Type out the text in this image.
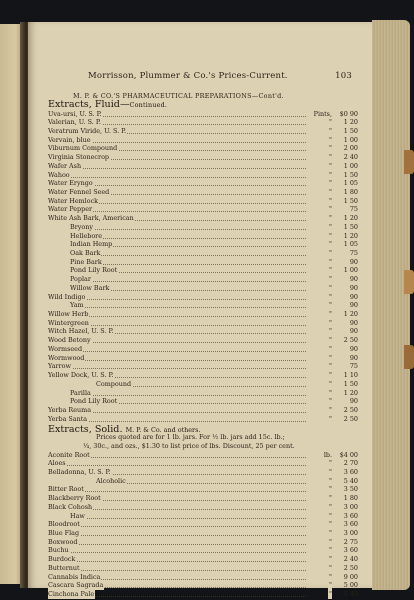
Morrisson, Plummer & Co.'s Prices-Current.	103
M. P. & CO.'S PHARMACEUTICAL PREPARATIONS—Cont'd.
Extracts, Fluid—Continued.
Uva-ursi, U. S. P.	Pints,	$0 90
Valerian, U. S. P.	"	1 20
Veratrum Viride, U. S. P.	"	1 50
Vervain, blue	"	1 00
Viburnum Compound	"	2 00
Virginia Stonecrop	"	2 40
Wafer Ash	"	1 00
Wahoo	"	1 50
Water Eryngo	"	1 05
Water Fennel Seed	"	1 80
Water Hemlock	"	1 50
Water Pepper	"	75
White Ash Bark, American	"	1 20
Bryony	"	1 50
Hellebore	"	1 20
Indian Hemp	"	1 05
Oak Bark	"	75
Pine Bark	"	90
Pond Lily Root	"	1 00
Poplar	"	90
Willow Bark	"	90
Wild Indigo	"	90
Yam	"	90
Willow Herb	"	1 20
Wintergreen	"	90
Witch Hazel, U. S. P.	"	90
Wood Betony	"	2 50
Wormseed	"	90
Wormwood	"	90
Yarrow	"	75
Yellow Dock, U. S. P.	"	1 10
Compound	"	1 50
Parilla	"	1 20
Pond Lily Root	"	90
Yerba Reuma	"	2 50
Yerba Santa	"	2 50
Extracts, Solid. M. P. & Co. and others.
Prices quoted are for 1 lb. jars. For ½ lb. jars add 15c. lb.;
¼, 30c., and ozs., $1.30 to list price of lbs. Discount, 25 per cent.
Aconite Root	lb.	$4 00
Aloes	"	2 70
Belladonna, U. S. P.	"	3 60
Alcoholic	"	5 40
Bitter Root	"	3 50
Blackberry Root	"	1 80
Black Cohosh	"	3 00
Haw	"	3 60
Bloodroot	"	3 60
Blue Flag	"	3 00
Boxwood	"	2 75
Buchu	"	3 60
Burdock	"	2 40
Butternut	"	2 50
Cannabis Indica	"	9 00
Cascara Sagrada	"	5 00
Cinchona Pale	"	5 40
